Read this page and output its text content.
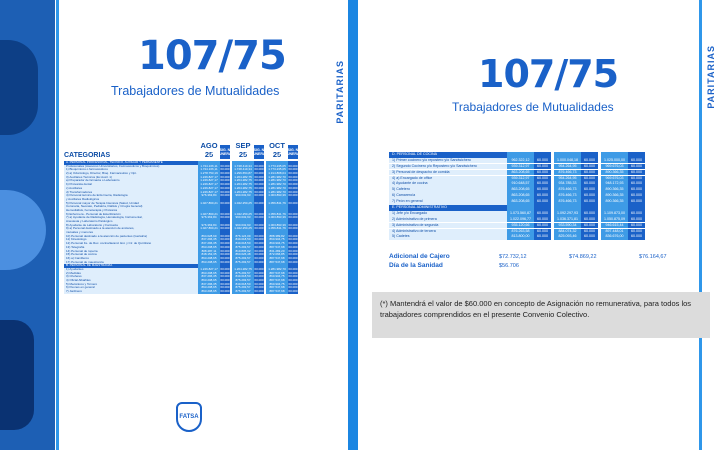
107/75
Trabajadores de Mutualidades	PARITARIAS
CATEGORIAS
AGO 25	ASIG. NO REMUNERATIVA
SEP 25	ASIG. NO REMUNERATIVA
OCT 25	ASIG. NO REMUNERATIVA
A. PERSONAL PROFESIONAL, TÉCNICO, AUXILIAR Y PERMANENTE
Profesionales (Asesores Universitarios, Farmacéuticos y Bioquímicos)	1.724.166,11 60.000	1.748.419,34 60.000	1.773.235,05 60.000
1) Bioquímicos o farmacéuticos	1.724.166,11 60.000	1.748.419,34 60.000	1.773.235,05 60.000
2) a) Odontólogo, Director, Bioq. Farmacéutico y Ópt.	1.278.753,19 60.000	1.296.654,87 60.000	1.314.808,04 60.000
3) Auxiliares Técnicos (Ex Auxil. 1)	1.246.827,17 60.000	1.264.282,75 60.000	1.281.982,70 60.000
a) Preparador de farmacia o Laboratorio	1.246.827,17 60.000	1.264.282,75 60.000	1.281.982,70 60.000
b) Protesista dental	1.246.827,17 60.000	1.264.282,75 60.000	1.281.982,70 60.000
c) Auxiliares	1.246.827,17 60.000	1.264.282,75 60.000	1.281.982,70 60.000
d) Transformadores	1.246.827,17 60.000	1.264.282,75 60.000	1.281.982,70 60.000
4) Personal técnico de Enfermería, Radiología	976.363,84	60.000	990.032,93	60.000	1.003.893,39 60.000
y Auxiliares Radiológicos
5) Personal mayor de Terapia Intensiva (Salud, Unidad	1.027.860,21 60.000	1.042.250,25 60.000	1.056.841,76 60.000
Coronaria, Neonato, Pediatría, Diálisis y Cirugía General)
Hemodiálisis, hemoterapia y Protésica
6) Enfermera - Personal de Esterilización	1.027.860,21 60.000	1.042.250,25 60.000	1.056.841,76 60.000
7) a) Ayudante de Radiología, Hematología, Instrumental,	976.363,84	60.000	990.032,93	60.000	1.003.893,39 60.000
Anestesia y Laboratorio Patológico
8) Ayudante de Laboratorio y Farmacia	976.363,84	60.000	990.032,93	60.000	1.003.893,39 60.000
9) a) Personal destinado a la atención de ancianos,	1.027.860,21 60.000	1.042.250,25 60.000	1.056.841,76 60.000
mutuales y menores
10) Personal destinado a la atención de pacientes (Geriatría)	864.028,69	60.000	876.124,09	60.000	888.389,82	60.000
11) Kinesiólogo	837.296,35	60.000	849.018,50	60.000	860.904,75	60.000
12) Personal Fe. de Rec. cocina/lavand. Est. y Cir. de Quirófano	837.296,35	60.000	849.018,50	60.000	860.904,75	60.000
13) Telegrafía	863.208,65	60.000	875.293,57	60.000	887.547,68	60.000
14) Personal de ropería	808.487,11	60.000	819.805,92	60.000	831.283,20	60.000
15) Personal de cocina	848.152,35	60.000	860.026,48	60.000	872.066,85	60.000
16) a) Camilleros	863.208,65	60.000	875.293,57	60.000	887.547,68	60.000
17) Personal de maestranza	863.208,65	60.000	875.293,57	60.000	887.547,68	60.000
B. PERSONAL DE MAESTRANZA
1) Ayudantes	1.246.827,17 60.000	1.264.282,75 60.000	1.281.982,70 60.000
2) Medidas	863.208,65	60.000	875.293,57	60.000	887.547,68	60.000
3) Choferes	837.296,35	60.000	849.018,50	60.000	860.904,75	60.000
4) Oficial Albañiles	863.208,65	60.000	875.293,57	60.000	887.547,68	60.000
5) Mecánicos y Tornero	837.296,35	60.000	849.018,50	60.000	860.904,75	60.000
6) Peones en general	863.208,65	60.000	875.293,57	60.000	887.547,68	60.000
7) Jardinero	863.208,65	60.000	875.293,57	60.000	887.547,68	60.000
FATSA
107/75
Trabajadores de Mutualidades	PARITARIAS
D. PERSONAL DE COCINA
1) Primer cocinero y/o repostero y/o Sandwichero	962.322,12	60.000	1.000.048,18	60.000	1.025.000,00	60.000
2) Segundo Cocinero y/o Repostero y/o Sandwichero	939.312,97	60.000	954.264,95	60.000	969.676,03	60.000
3) Personal de despacho de comida	863.208,65	60.000	876.466,73	60.000	890.366,35	60.000
4) a) Encargado de office	939.312,97	60.000	954.264,95	60.000	969.676,03	60.000
4) Ayudante de cocina	910.648,57	60.000	934.785,33	60.000	948.172,93	60.000
5) Cafetero	863.208,65	60.000	876.466,73	60.000	890.366,35	60.000
6) Camarero/a	863.208,65	60.000	876.466,73	60.000	890.366,35	60.000
7) Peón en general	863.208,65	60.000	876.466,73	60.000	890.366,35	60.000
E. PERSONAL ADMINISTRATIVO
1) Jefe y/o Encargado	1.073.560,87	60.000	1.092.297,93	60.000	1.109.873,00	60.000
2) Administrativo de primera	1.022.096,77	60.000	1.036.371,81	60.000	1.050.875,09	60.000
3) Administrativo de segunda	935.120,66	60.000	933.590,34	60.000	946.615,44	60.000
4) Administrativo de tercera	876.263,58	60.000	884.074,32	60.000	897.448,01	60.000
5) Cadetes	813.800,00	60.000	825.093,46	60.000	836.676,00	60.000
Adicional de Cajero	$72.732,12	$74.869,22	$76.164,67
Día de la Sanidad	$56.706
(*) Mantendrá el valor de $60.000 en concepto de Asignación no remunerativa, para todos los trabajadores comprendidos en el presente Convenio Colectivo.
